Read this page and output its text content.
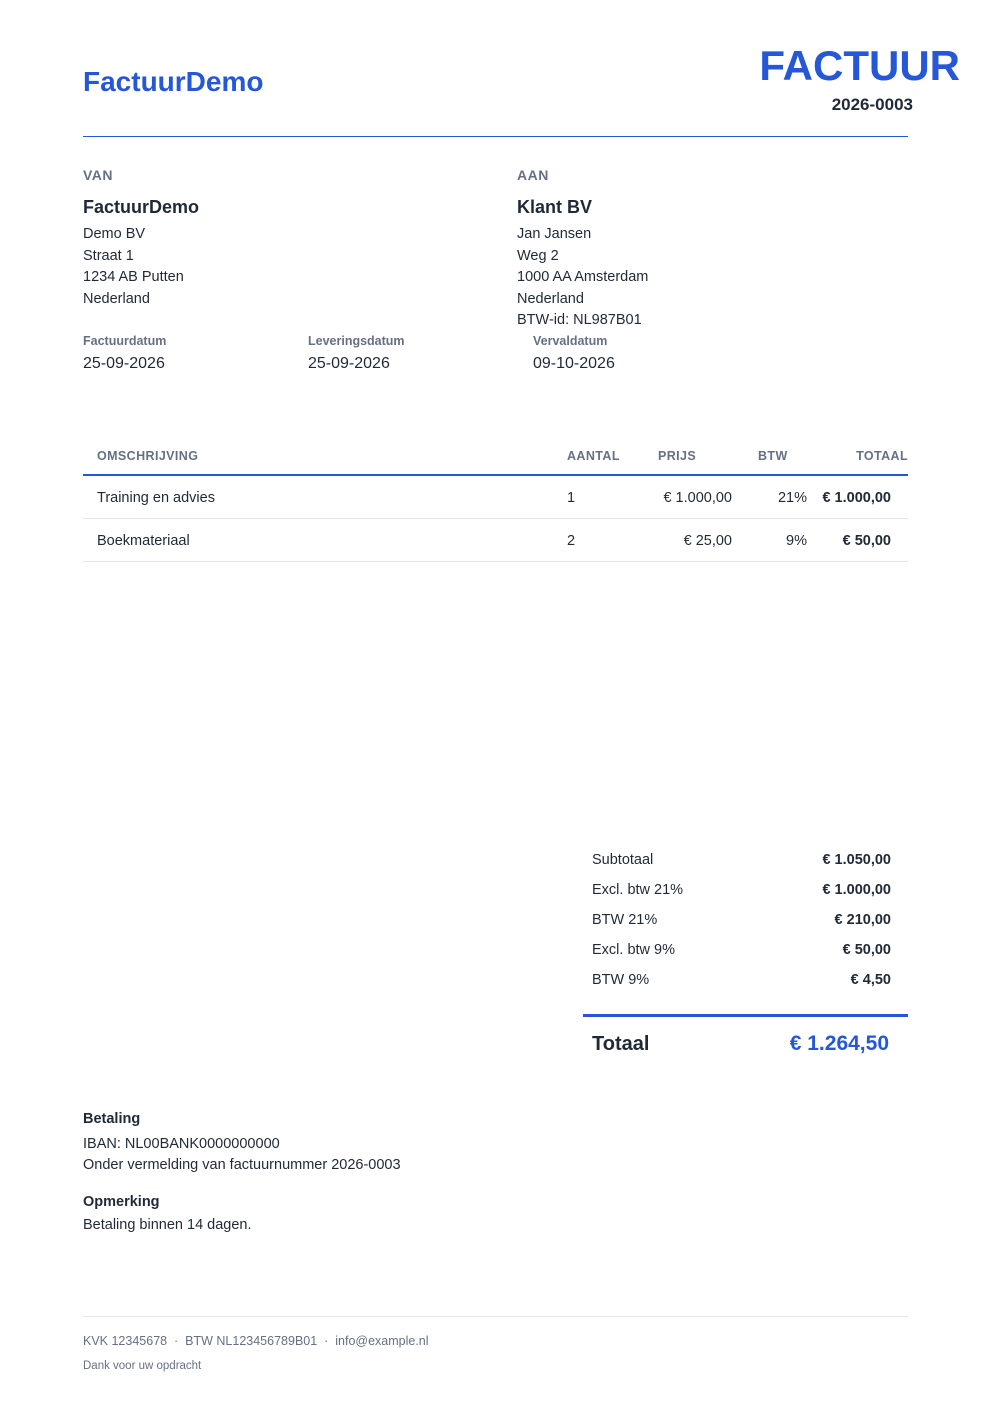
FactuurDemo	FACTUUR
2026-0003
VAN
FactuurDemo
Demo BV
Straat 1
1234 AB Putten
Nederland
AAN
Klant BV
Jan Jansen
Weg 2
1000 AA Amsterdam
Nederland
BTW-id: NL987B01
Factuurdatum
25-09-2026
Leveringsdatum
25-09-2026
Vervaldatum
09-10-2026
OMSCHRIJVING	AANTAL	PRIJS	BTW	TOTAAL
Training en advies	1	€ 1.000,00	21% € 1.000,00
Boekmateriaal	2	€ 25,00	9% € 50,00
Subtotaal	€ 1.050,00
Excl. btw 21%	€ 1.000,00
BTW 21%	€ 210,00
Excl. btw 9%	€ 50,00
BTW 9%	€ 4,50
Totaal	€ 1.264,50
Betaling
IBAN: NL00BANK0000000000
Onder vermelding van factuurnummer 2026-0003
Opmerking
Betaling binnen 14 dagen.
KVK 12345678  ·  BTW NL123456789B01  ·  info@example.nl
Dank voor uw opdracht
